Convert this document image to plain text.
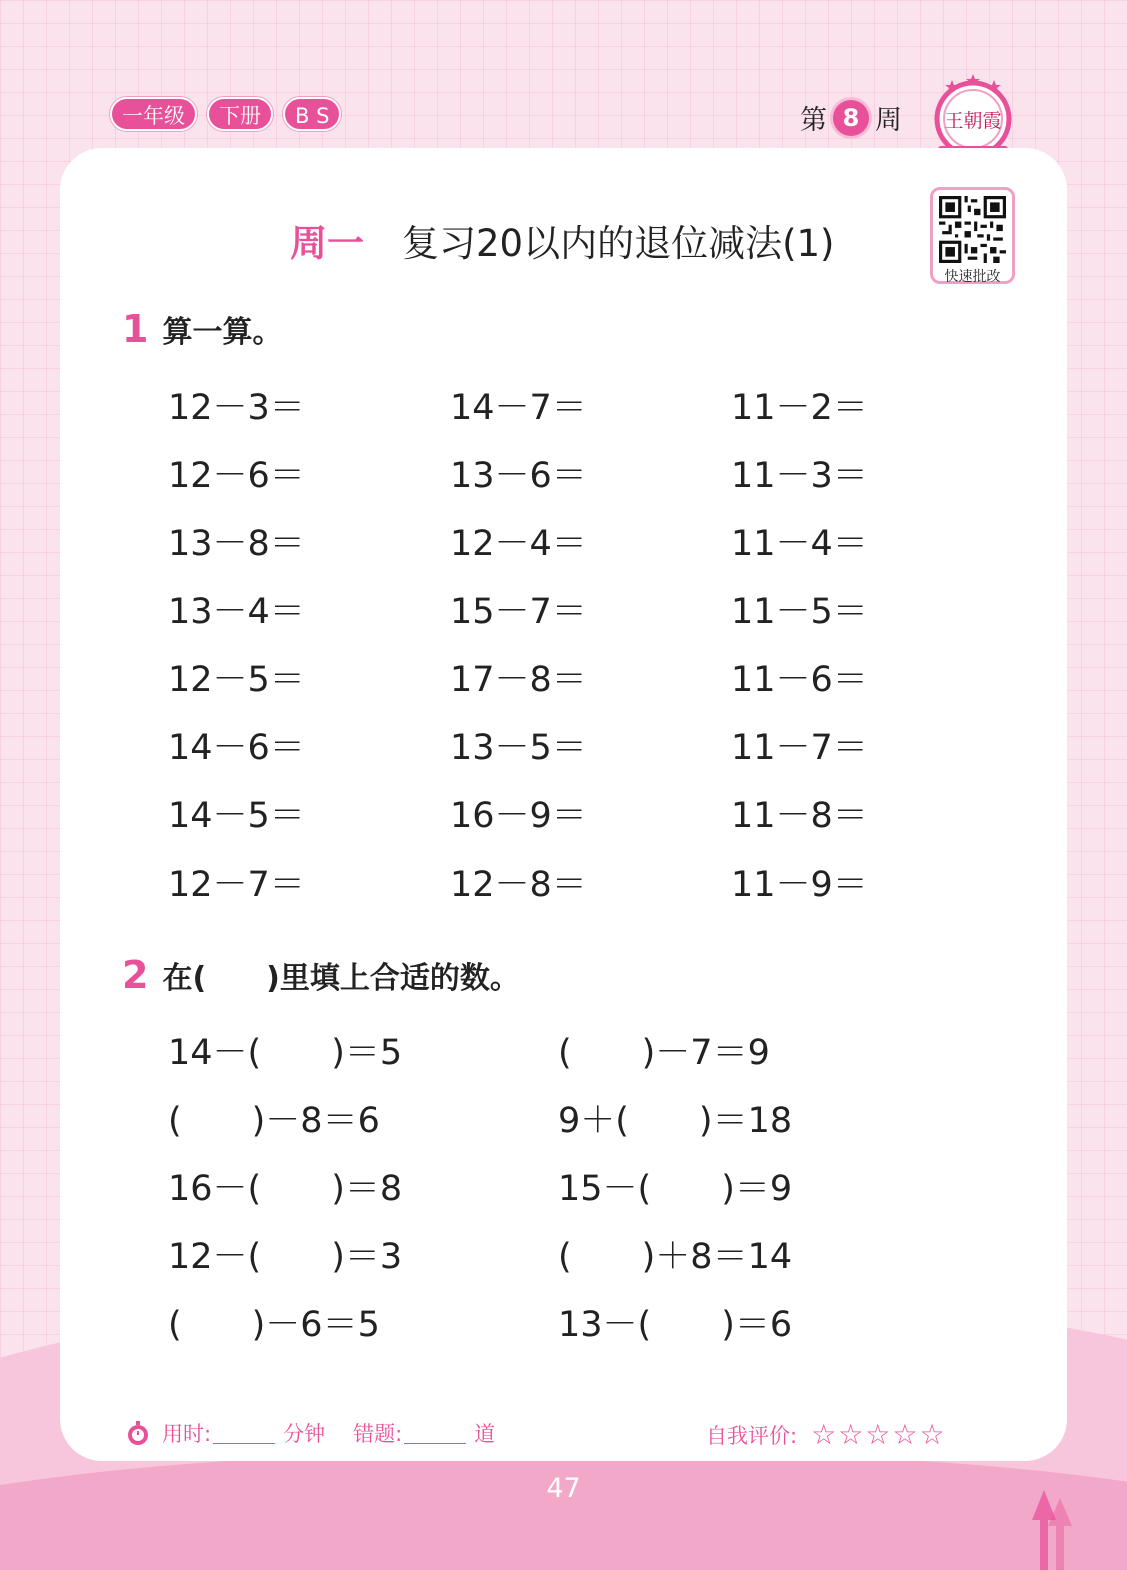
一年级	下册	B S	第 8 周 王朝霞
周一 复习20以内的退位减法(1)
快速批改
1 算一算。
12－3＝	14－7＝	11－2＝
12－6＝	13－6＝	11－3＝
13－8＝	12－4＝	11－4＝
13－4＝	15－7＝	11－5＝
12－5＝	17－8＝	11－6＝
14－6＝	13－5＝	11－7＝
14－5＝	16－9＝	11－8＝
12－7＝	12－8＝	11－9＝
2 在(　　)里填上合适的数。
14－(　　)＝5	(　　)－7＝9
(　　)－8＝6	9＋(　　)＝18
16－(　　)＝8	15－(　　)＝9
12－(　　)＝3	(　　)＋8＝14
(　　)－6＝5	13－(　　)＝6
用时:	分钟 错题:	道	自我评价: ☆☆☆☆☆
47
